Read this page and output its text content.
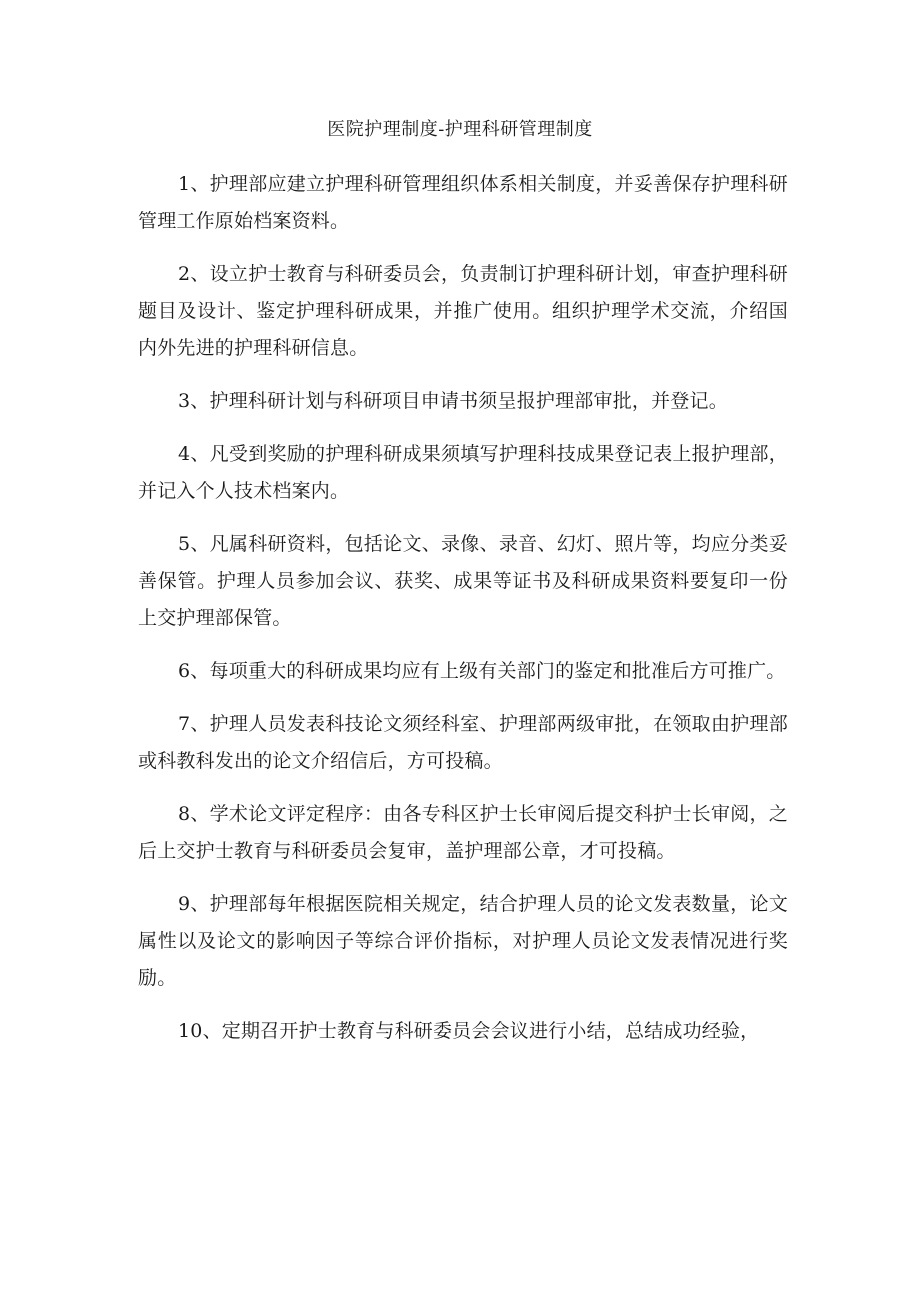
医院护理制度-护理科研管理制度

1、护理部应建立护理科研管理组织体系相关制度，并妥善保存护理科研管理工作原始档案资料。

2、设立护士教育与科研委员会，负责制订护理科研计划，审查护理科研题目及设计、鉴定护理科研成果，并推广使用。组织护理学术交流，介绍国内外先进的护理科研信息。

3、护理科研计划与科研项目申请书须呈报护理部审批，并登记。

4、凡受到奖励的护理科研成果须填写护理科技成果登记表上报护理部，并记入个人技术档案内。

5、凡属科研资料，包括论文、录像、录音、幻灯、照片等，均应分类妥善保管。护理人员参加会议、获奖、成果等证书及科研成果资料要复印一份上交护理部保管。

6、每项重大的科研成果均应有上级有关部门的鉴定和批准后方可推广。

7、护理人员发表科技论文须经科室、护理部两级审批，在领取由护理部或科教科发出的论文介绍信后，方可投稿。

8、学术论文评定程序：由各专科区护士长审阅后提交科护士长审阅，之后上交护士教育与科研委员会复审，盖护理部公章，才可投稿。

9、护理部每年根据医院相关规定，结合护理人员的论文发表数量，论文属性以及论文的影响因子等综合评价指标，对护理人员论文发表情况进行奖励。

10、定期召开护士教育与科研委员会会议进行小结，总结成功经验，
